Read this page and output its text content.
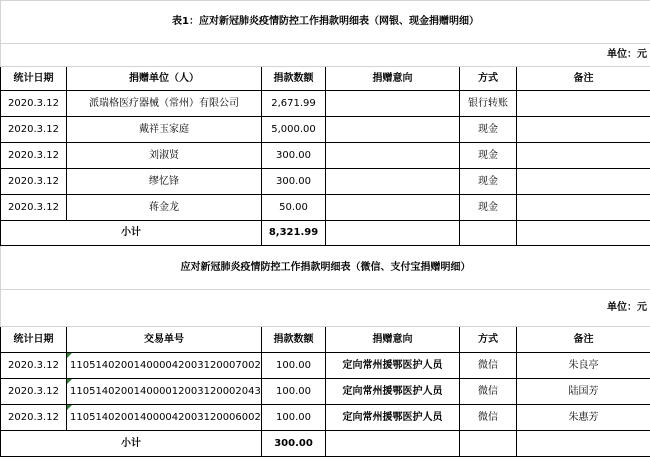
表1：应对新冠肺炎疫情防控工作捐款明细表（网银、现金捐赠明细）					
单位：元					
统计日期	捐赠单位（人）	捐款数额	捐赠意向	方式	备注
2020.3.12	派瑞格医疗器械（常州）有限公司	2,671.99		银行转账	
2020.3.12	戴祥玉家庭	5,000.00		现金	
2020.3.12	刘淑贤	300.00		现金	
2020.3.12	缪忆锋	300.00		现金	
2020.3.12	蒋金龙	50.00		现金	
小计		8,321.99			
应对新冠肺炎疫情防控工作捐款明细表（微信、支付宝捐赠明细）					
单位：元					
统计日期	交易单号	捐款数额	捐赠意向	方式	备注
2020.3.12	110514020014000042003120007002	100.00	定向常州援鄂医护人员	微信	朱良亭
2020.3.12	110514020014000012003120002043	100.00	定向常州援鄂医护人员	微信	陆国芳
2020.3.12	110514020014000042003120006002	100.00	定向常州援鄂医护人员	微信	朱惠芳
小计		300.00			
